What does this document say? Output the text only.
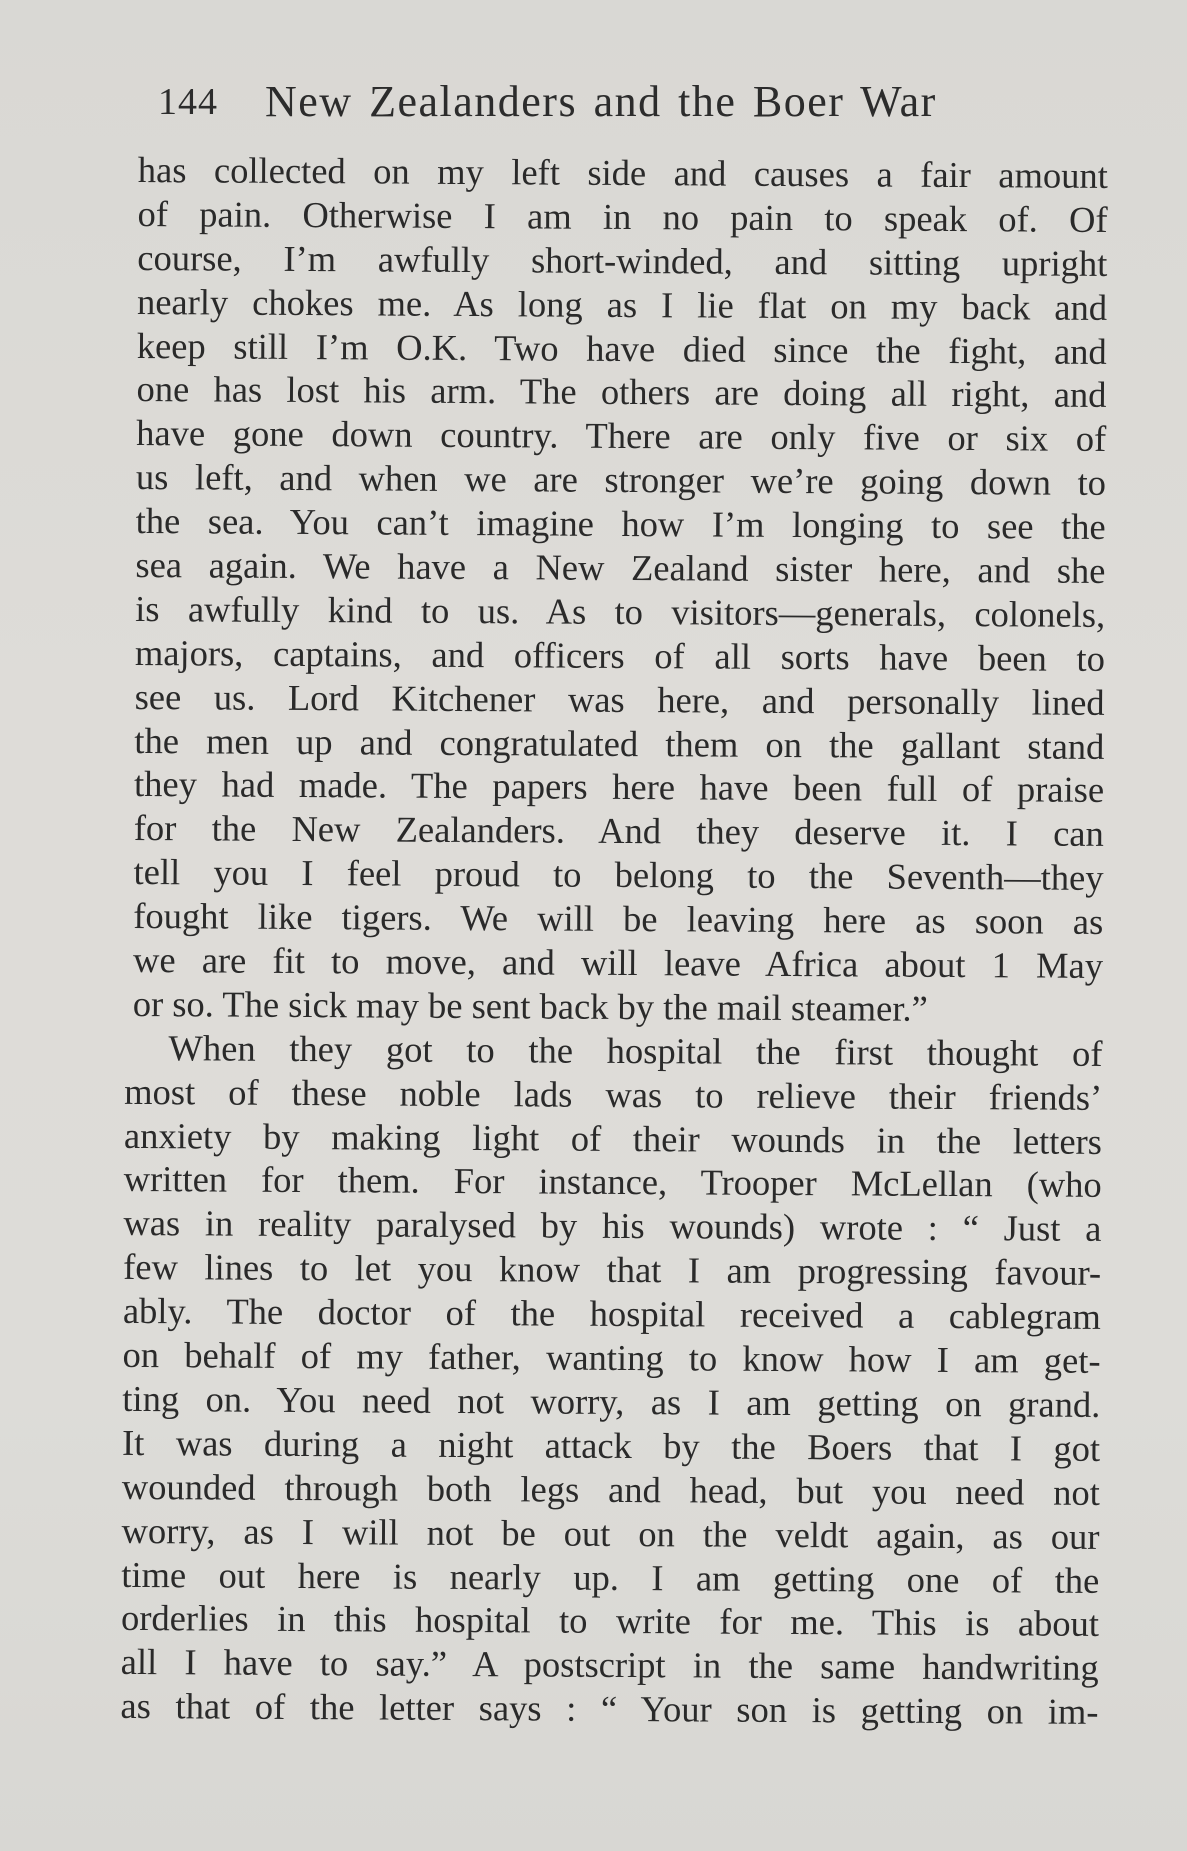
144 New Zealanders and the Boer War
has collected on my left side and causes a fair amount
of pain. Otherwise I am in no pain to speak of. Of
course, I’m awfully short-winded, and sitting upright
nearly chokes me. As long as I lie flat on my back and
keep still I’m O.K. Two have died since the fight, and
one has lost his arm. The others are doing all right, and
have gone down country. There are only five or six of
us left, and when we are stronger we’re going down to
the sea. You can’t imagine how I’m longing to see the
sea again. We have a New Zealand sister here, and she
is awfully kind to us. As to visitors—generals, colonels,
majors, captains, and officers of all sorts have been to
see us. Lord Kitchener was here, and personally lined
the men up and congratulated them on the gallant stand
they had made. The papers here have been full of praise
for the New Zealanders. And they deserve it. I can
tell you I feel proud to belong to the Seventh—they
fought like tigers. We will be leaving here as soon as
we are fit to move, and will leave Africa about 1 May
or so. The sick may be sent back by the mail steamer.”
When they got to the hospital the first thought of
most of these noble lads was to relieve their friends’
anxiety by making light of their wounds in the letters
written for them. For instance, Trooper McLellan (who
was in reality paralysed by his wounds) wrote : “ Just a
few lines to let you know that I am progressing favour-
ably. The doctor of the hospital received a cablegram
on behalf of my father, wanting to know how I am get-
ting on. You need not worry, as I am getting on grand.
It was during a night attack by the Boers that I got
wounded through both legs and head, but you need not
worry, as I will not be out on the veldt again, as our
time out here is nearly up. I am getting one of the
orderlies in this hospital to write for me. This is about
all I have to say.” A postscript in the same handwriting
as that of the letter says : “ Your son is getting on im-
